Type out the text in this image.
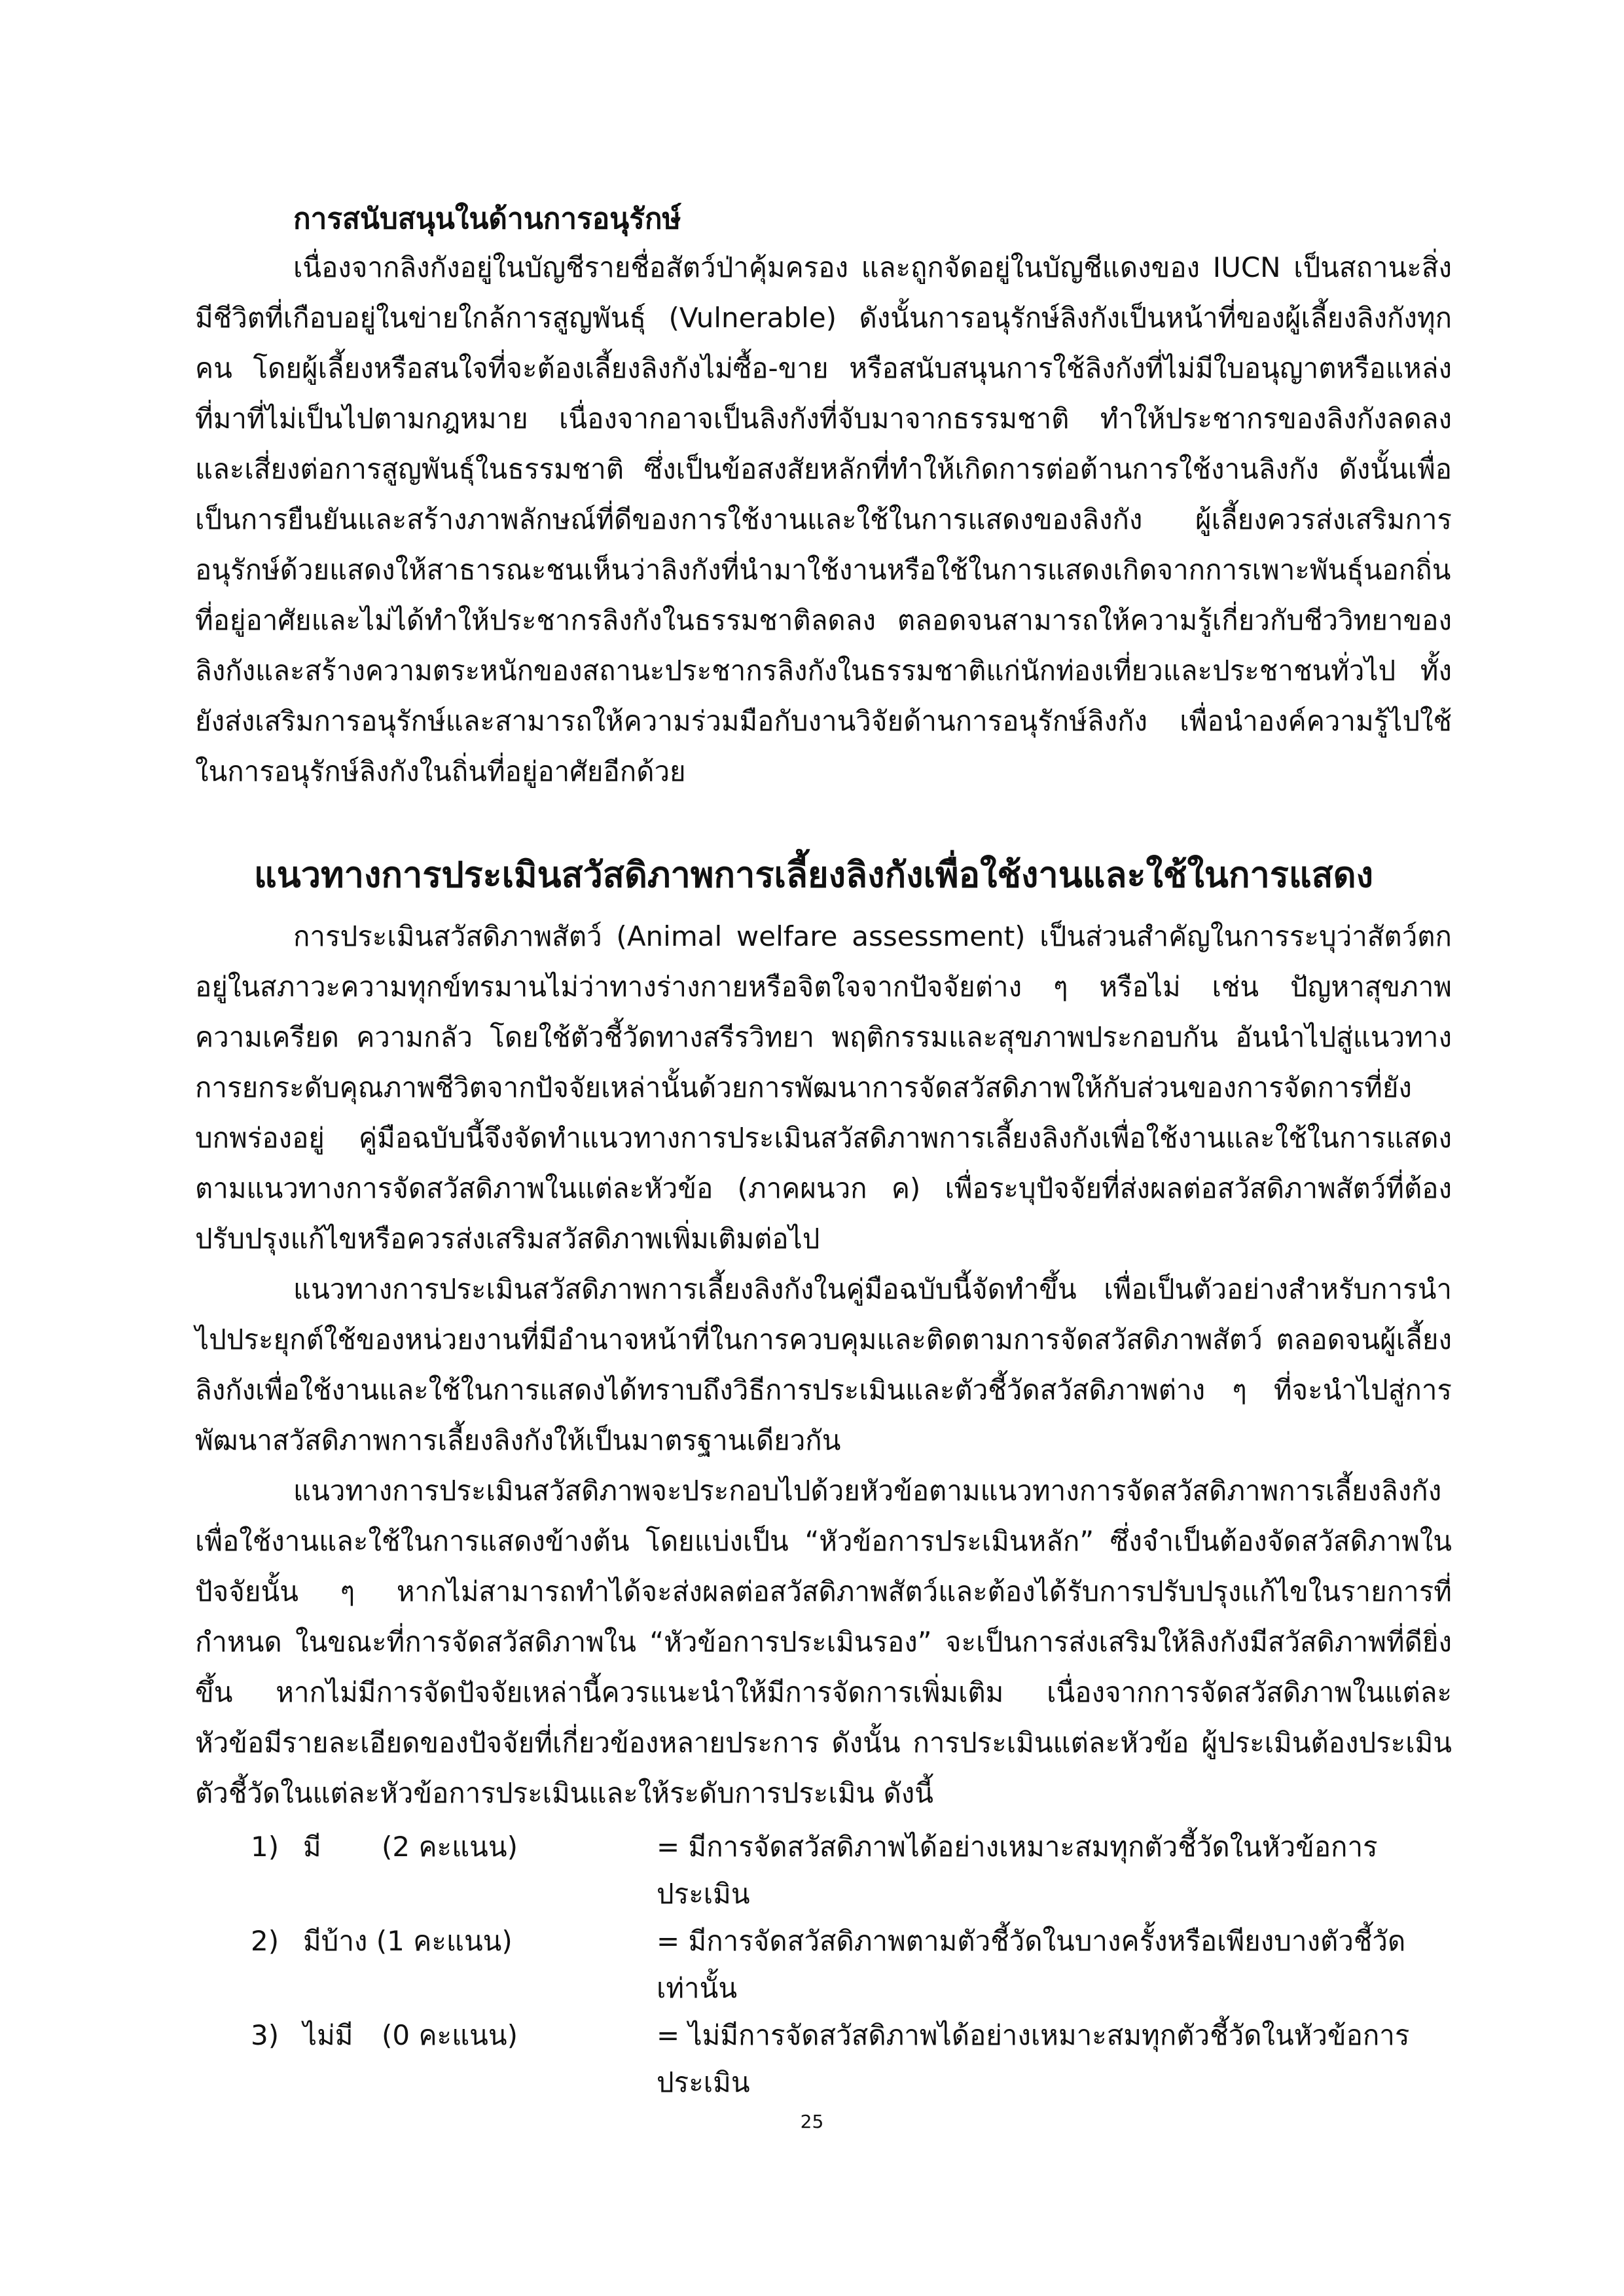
การสนับสนุนในด้านการอนุรักษ์

เนื่องจากลิงกังอยู่ในบัญชีรายชื่อสัตว์ป่าคุ้มครอง และถูกจัดอยู่ในบัญชีแดงของ IUCN เป็นสถานะสิ่งมีชีวิตที่เกือบอยู่ในข่ายใกล้การสูญพันธุ์ (Vulnerable) ดังนั้นการอนุรักษ์ลิงกังเป็นหน้าที่ของผู้เลี้ยงลิงกังทุกคน โดยผู้เลี้ยงหรือสนใจที่จะต้องเลี้ยงลิงกังไม่ซื้อ-ขาย หรือสนับสนุนการใช้ลิงกังที่ไม่มีใบอนุญาตหรือแหล่งที่มาที่ไม่เป็นไปตามกฎหมาย เนื่องจากอาจเป็นลิงกังที่จับมาจากธรรมชาติ ทำให้ประชากรของลิงกังลดลงและเสี่ยงต่อการสูญพันธุ์ในธรรมชาติ ซึ่งเป็นข้อสงสัยหลักที่ทำให้เกิดการต่อต้านการใช้งานลิงกัง ดังนั้นเพื่อเป็นการยืนยันและสร้างภาพลักษณ์ที่ดีของการใช้งานและใช้ในการแสดงของลิงกัง ผู้เลี้ยงควรส่งเสริมการอนุรักษ์ด้วยแสดงให้สาธารณะชนเห็นว่าลิงกังที่นำมาใช้งานหรือใช้ในการแสดงเกิดจากการเพาะพันธุ์นอกถิ่นที่อยู่อาศัยและไม่ได้ทำให้ประชากรลิงกังในธรรมชาติลดลง ตลอดจนสามารถให้ความรู้เกี่ยวกับชีววิทยาของลิงกังและสร้างความตระหนักของสถานะประชากรลิงกังในธรรมชาติแก่นักท่องเที่ยวและประชาชนทั่วไป ทั้งยังส่งเสริมการอนุรักษ์และสามารถให้ความร่วมมือกับงานวิจัยด้านการอนุรักษ์ลิงกัง เพื่อนำองค์ความรู้ไปใช้ในการอนุรักษ์ลิงกังในถิ่นที่อยู่อาศัยอีกด้วย

แนวทางการประเมินสวัสดิภาพการเลี้ยงลิงกังเพื่อใช้งานและใช้ในการแสดง

การประเมินสวัสดิภาพสัตว์ (Animal welfare assessment) เป็นส่วนสำคัญในการระบุว่าสัตว์ตกอยู่ในสภาวะความทุกข์ทรมานไม่ว่าทางร่างกายหรือจิตใจจากปัจจัยต่าง ๆ หรือไม่ เช่น ปัญหาสุขภาพ ความเครียด ความกลัว โดยใช้ตัวชี้วัดทางสรีรวิทยา พฤติกรรมและสุขภาพประกอบกัน อันนำไปสู่แนวทางการยกระดับคุณภาพชีวิตจากปัจจัยเหล่านั้นด้วยการพัฒนาการจัดสวัสดิภาพให้กับส่วนของการจัดการที่ยังบกพร่องอยู่ คู่มือฉบับนี้จึงจัดทำแนวทางการประเมินสวัสดิภาพการเลี้ยงลิงกังเพื่อใช้งานและใช้ในการแสดงตามแนวทางการจัดสวัสดิภาพในแต่ละหัวข้อ (ภาคผนวก ค) เพื่อระบุปัจจัยที่ส่งผลต่อสวัสดิภาพสัตว์ที่ต้องปรับปรุงแก้ไขหรือควรส่งเสริมสวัสดิภาพเพิ่มเติมต่อไป

แนวทางการประเมินสวัสดิภาพการเลี้ยงลิงกังในคู่มือฉบับนี้จัดทำขึ้น เพื่อเป็นตัวอย่างสำหรับการนำไปประยุกต์ใช้ของหน่วยงานที่มีอำนาจหน้าที่ในการควบคุมและติดตามการจัดสวัสดิภาพสัตว์ ตลอดจนผู้เลี้ยงลิงกังเพื่อใช้งานและใช้ในการแสดงได้ทราบถึงวิธีการประเมินและตัวชี้วัดสวัสดิภาพต่าง ๆ ที่จะนำไปสู่การพัฒนาสวัสดิภาพการเลี้ยงลิงกังให้เป็นมาตรฐานเดียวกัน

แนวทางการประเมินสวัสดิภาพจะประกอบไปด้วยหัวข้อตามแนวทางการจัดสวัสดิภาพการเลี้ยงลิงกังเพื่อใช้งานและใช้ในการแสดงข้างต้น โดยแบ่งเป็น “หัวข้อการประเมินหลัก” ซึ่งจำเป็นต้องจัดสวัสดิภาพในปัจจัยนั้น ๆ หากไม่สามารถทำได้จะส่งผลต่อสวัสดิภาพสัตว์และต้องได้รับการปรับปรุงแก้ไขในรายการที่กำหนด ในขณะที่การจัดสวัสดิภาพใน “หัวข้อการประเมินรอง” จะเป็นการส่งเสริมให้ลิงกังมีสวัสดิภาพที่ดียิ่งขึ้น หากไม่มีการจัดปัจจัยเหล่านี้ควรแนะนำให้มีการจัดการเพิ่มเติม เนื่องจากการจัดสวัสดิภาพในแต่ละหัวข้อมีรายละเอียดของปัจจัยที่เกี่ยวข้องหลายประการ ดังนั้น การประเมินแต่ละหัวข้อ ผู้ประเมินต้องประเมินตัวชี้วัดในแต่ละหัวข้อการประเมินและให้ระดับการประเมิน ดังนี้

1) มี	(2 คะแนน)	= มีการจัดสวัสดิภาพได้อย่างเหมาะสมทุกตัวชี้วัดในหัวข้อการประเมิน
2) มีบ้าง (1 คะแนน)	= มีการจัดสวัสดิภาพตามตัวชี้วัดในบางครั้งหรือเพียงบางตัวชี้วัดเท่านั้น
3) ไม่มี	(0 คะแนน)	= ไม่มีการจัดสวัสดิภาพได้อย่างเหมาะสมทุกตัวชี้วัดในหัวข้อการประเมิน
25
